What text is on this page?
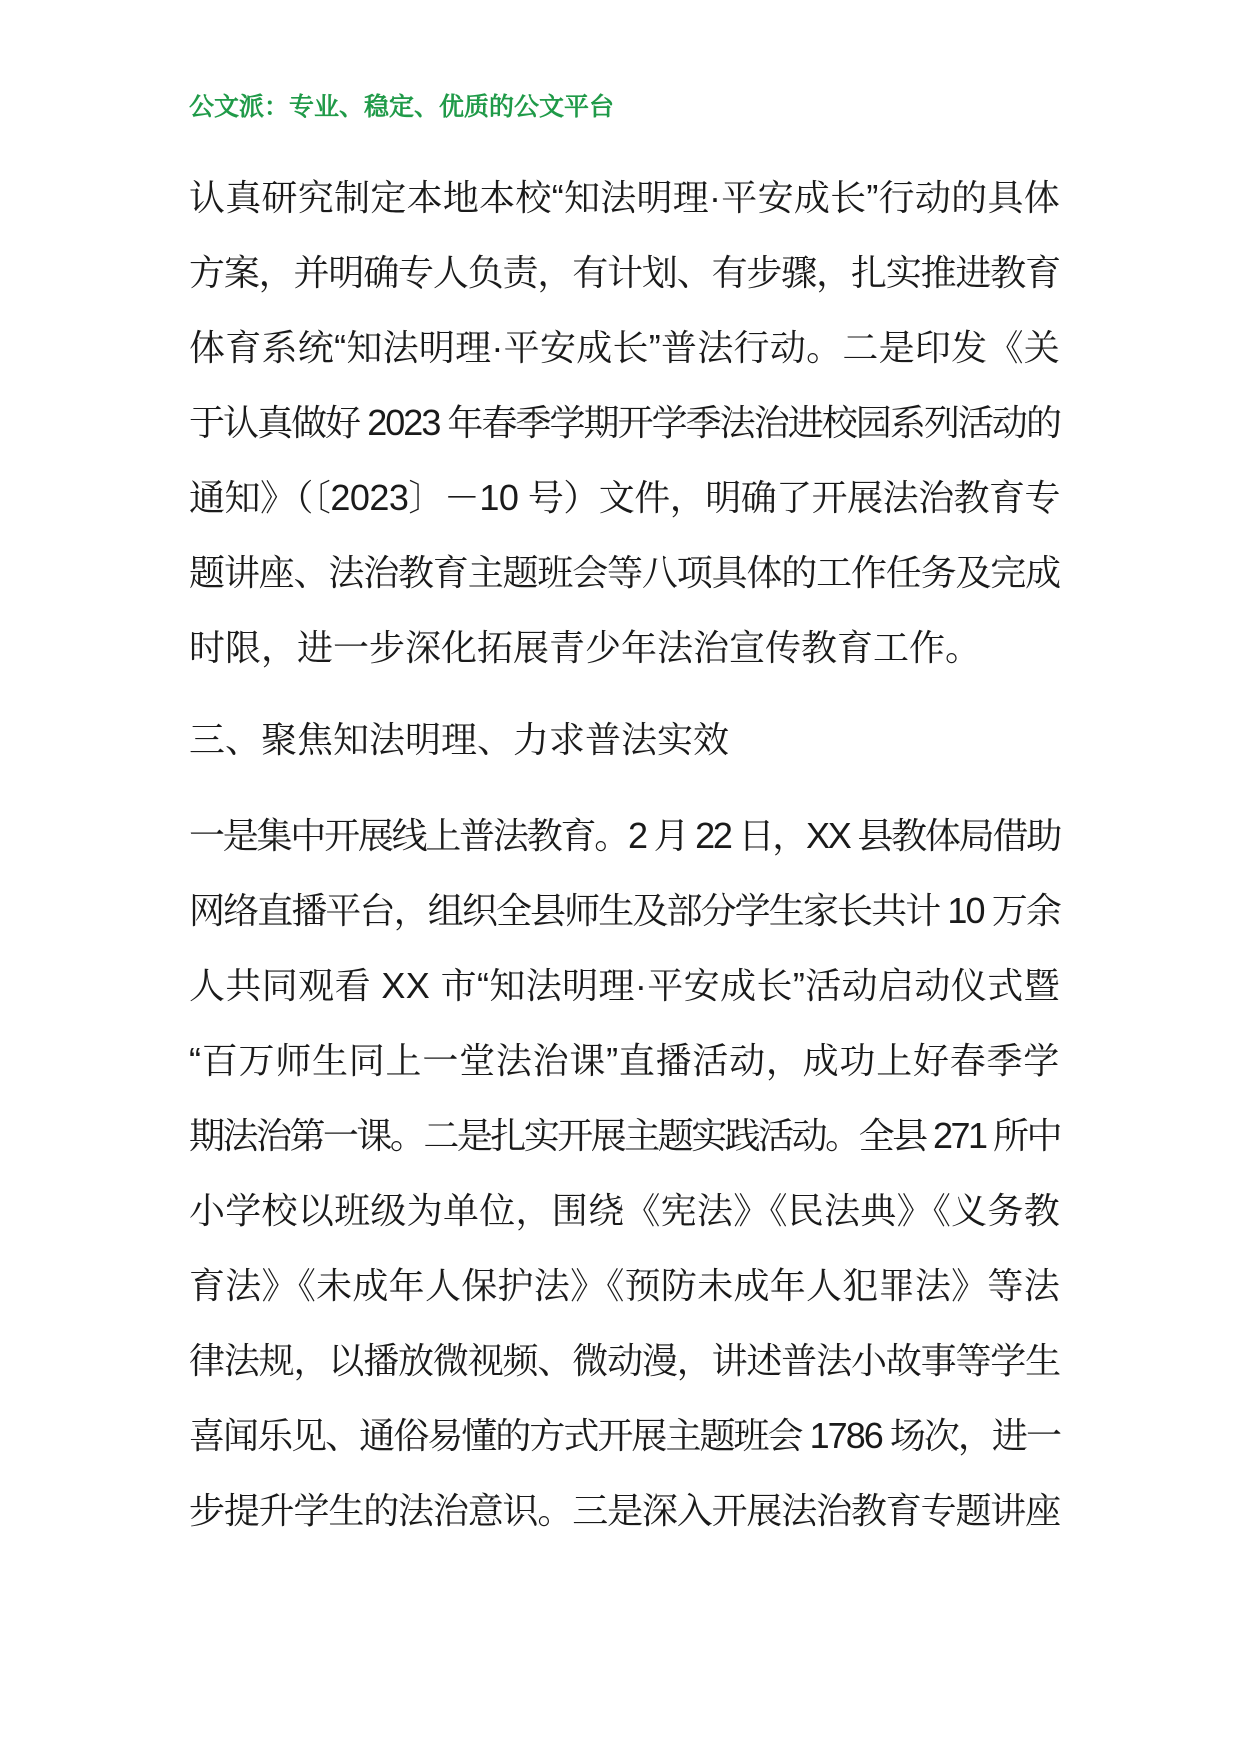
公文派：专业、稳定、优质的公文平台
认真研究制定本地本校“知法明理·平安成长”行动的具体
方案，并明确专人负责，有计划、有步骤，扎实推进教育
体育系统“知法明理·平安成长”普法行动。二是印发《关
于认真做好 2023 年春季学期开学季法治进校园系列活动的
通知》（〔2023〕－10 号）文件，明确了开展法治教育专
题讲座、法治教育主题班会等八项具体的工作任务及完成
时限，进一步深化拓展青少年法治宣传教育工作。
三、聚焦知法明理、力求普法实效
一是集中开展线上普法教育。2 月 22 日，XX 县教体局借助
网络直播平台，组织全县师生及部分学生家长共计 10 万余
人共同观看 XX 市“知法明理·平安成长”活动启动仪式暨
“百万师生同上一堂法治课”直播活动，成功上好春季学
期法治第一课。二是扎实开展主题实践活动。全县 271 所中
小学校以班级为单位，围绕《宪法》《民法典》《义务教
育法》《未成年人保护法》《预防未成年人犯罪法》等法
律法规，以播放微视频、微动漫，讲述普法小故事等学生
喜闻乐见、通俗易懂的方式开展主题班会 1786 场次，进一
步提升学生的法治意识。三是深入开展法治教育专题讲座
